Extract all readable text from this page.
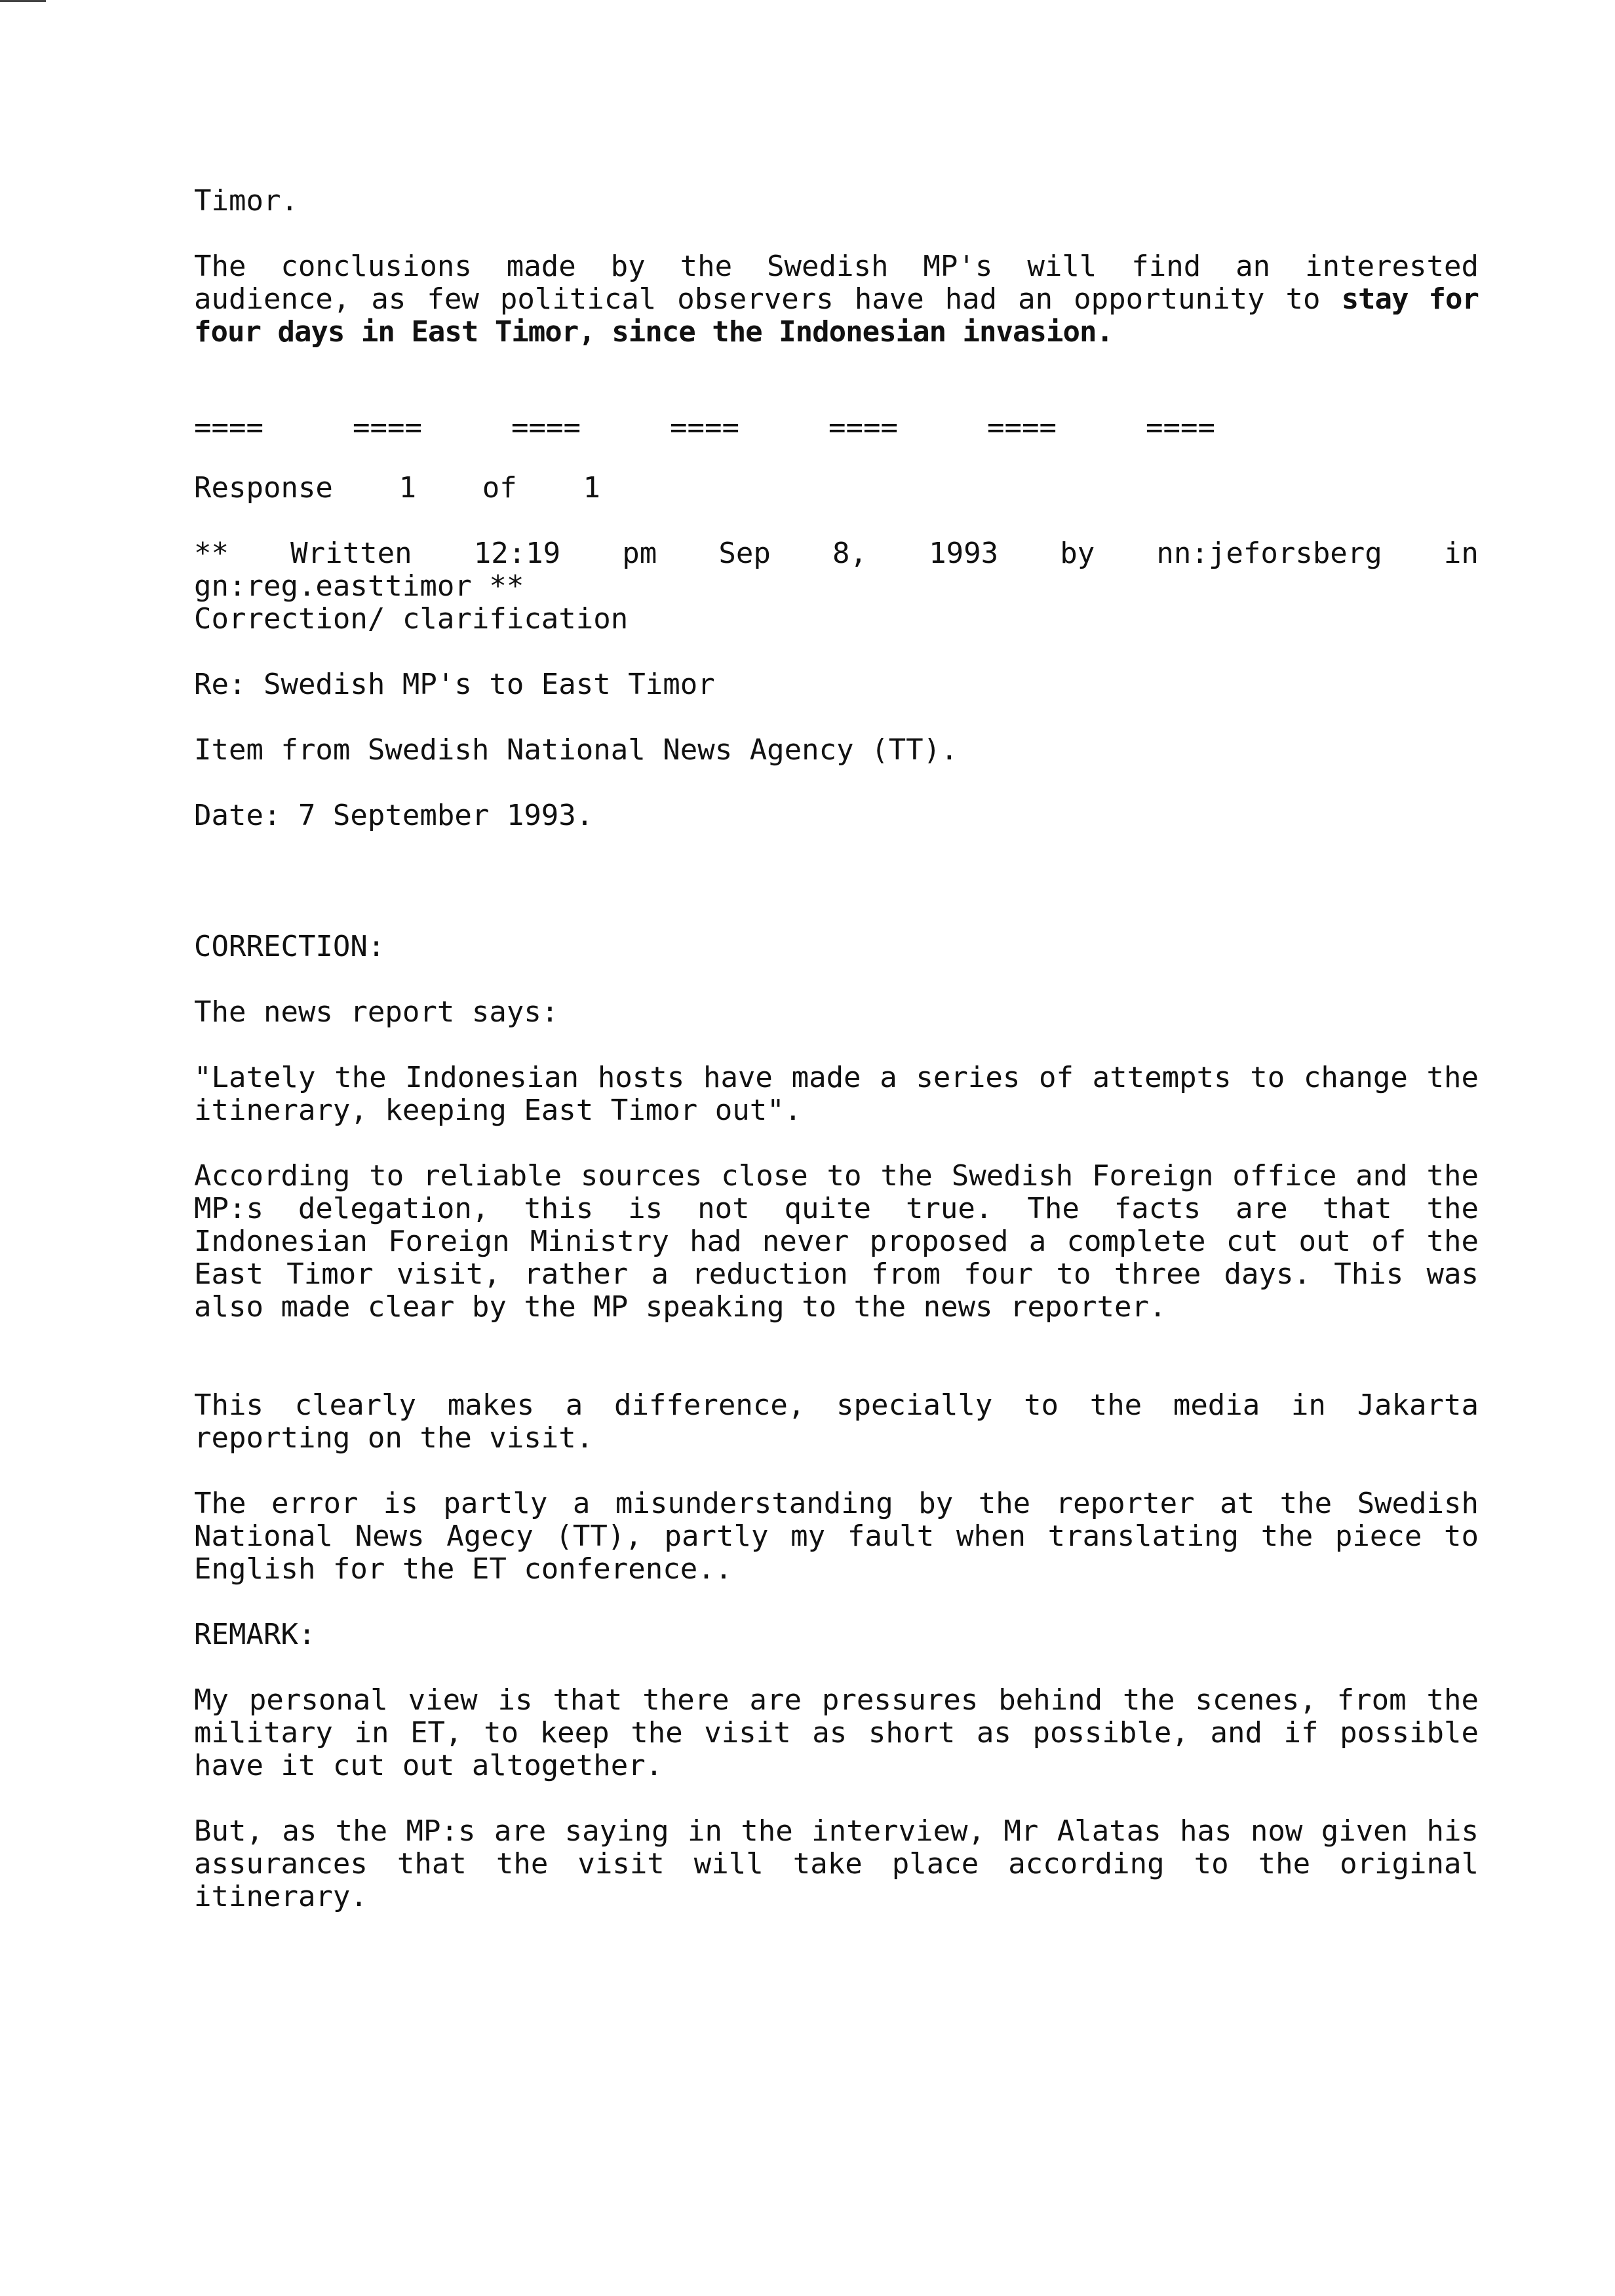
Timor.

The conclusions made by the Swedish MP's will find an interested audience, as few political observers have had an opportunity to stay for four days in East Timor, since the Indonesian invasion.
====	====	====	====	====	====	====
Response 1 of 1
** Written 12:19 pm Sep 8, 1993 by nn:jeforsberg in

gn:reg.easttimor **

Correction/ clarification

Re: Swedish MP's to East Timor

Item from Swedish National News Agency (TT).

Date: 7 September 1993.

CORRECTION:

The news report says:

"Lately the Indonesian hosts have made a series of attempts to change the itinerary, keeping East Timor out".

According to reliable sources close to the Swedish Foreign office and the MP:s delegation, this is not quite true. The facts are that the Indonesian Foreign Ministry had never proposed a complete cut out of the East Timor visit, rather a reduction from four to three days. This was also made clear by the MP speaking to the news reporter.

This clearly makes a difference, specially to the media in Jakarta reporting on the visit.

The error is partly a misunderstanding by the reporter at the Swedish National News Agecy (TT), partly my fault when translating the piece to English for the ET conference..

REMARK:

My personal view is that there are pressures behind the scenes, from the military in ET, to keep the visit as short as possible, and if possible have it cut out altogether.

But, as the MP:s are saying in the interview, Mr Alatas has now given his assurances that the visit will take place according to the original itinerary.
